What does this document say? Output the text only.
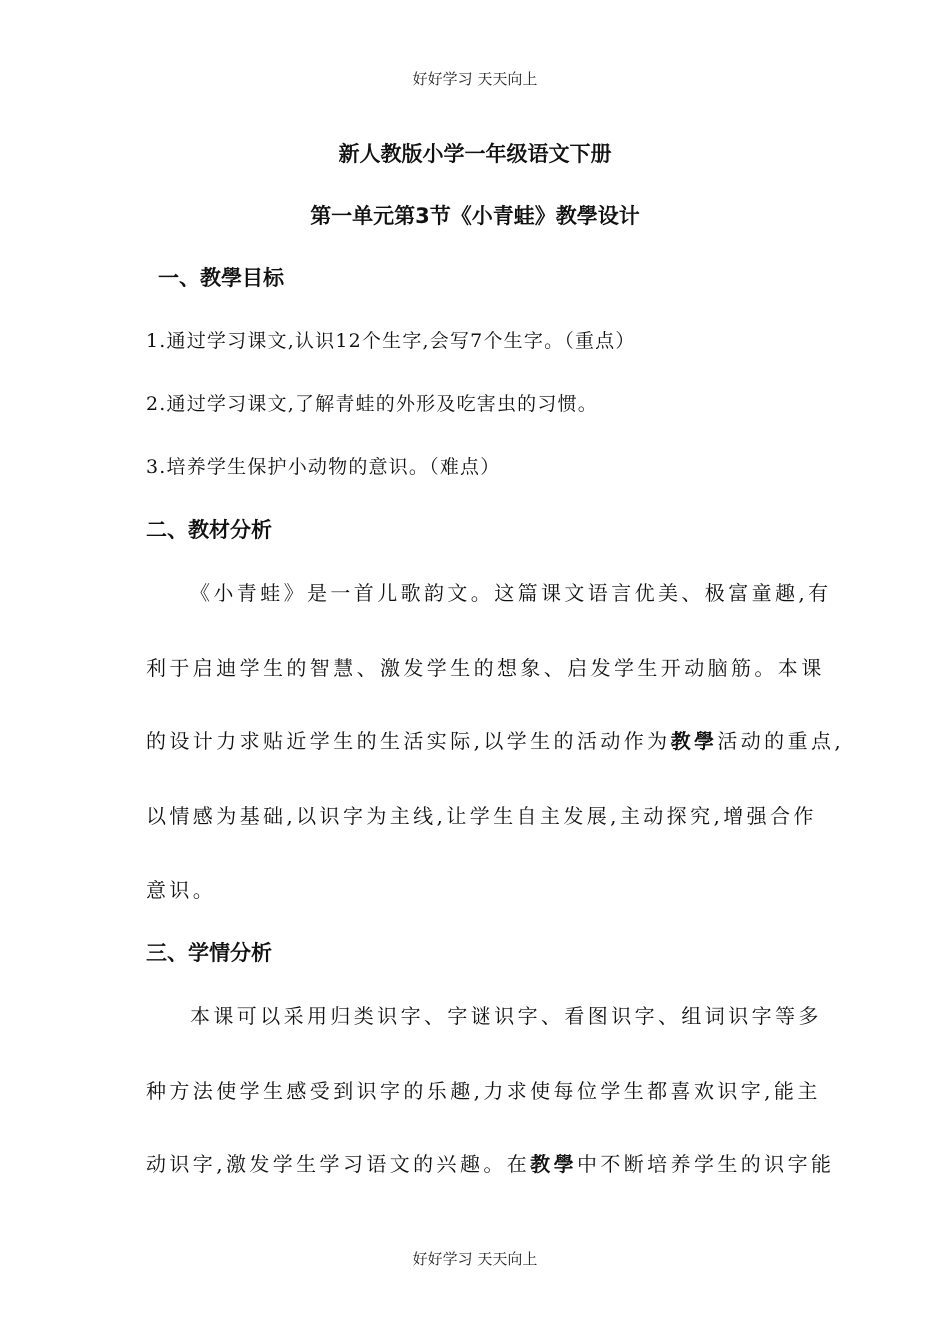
好好学习 天天向上
新人教版小学一年级语文下册
第一单元第3节《小青蛙》教學设计
一、教學目标
1.通过学习课文,认识12个生字,会写7个生字。（重点）
2.通过学习课文,了解青蛙的外形及吃害虫的习惯。
3.培养学生保护小动物的意识。（难点）
二、教材分析
《小青蛙》是一首儿歌韵文。这篇课文语言优美、极富童趣,有
利于启迪学生的智慧、激发学生的想象、启发学生开动脑筋。本课
的设计力求贴近学生的生活实际,以学生的活动作为教學活动的重点,
以情感为基础,以识字为主线,让学生自主发展,主动探究,增强合作
意识。
三、学情分析
本课可以采用归类识字、字谜识字、看图识字、组词识字等多
种方法使学生感受到识字的乐趣,力求使每位学生都喜欢识字,能主
动识字,激发学生学习语文的兴趣。在教學中不断培养学生的识字能
好好学习 天天向上
